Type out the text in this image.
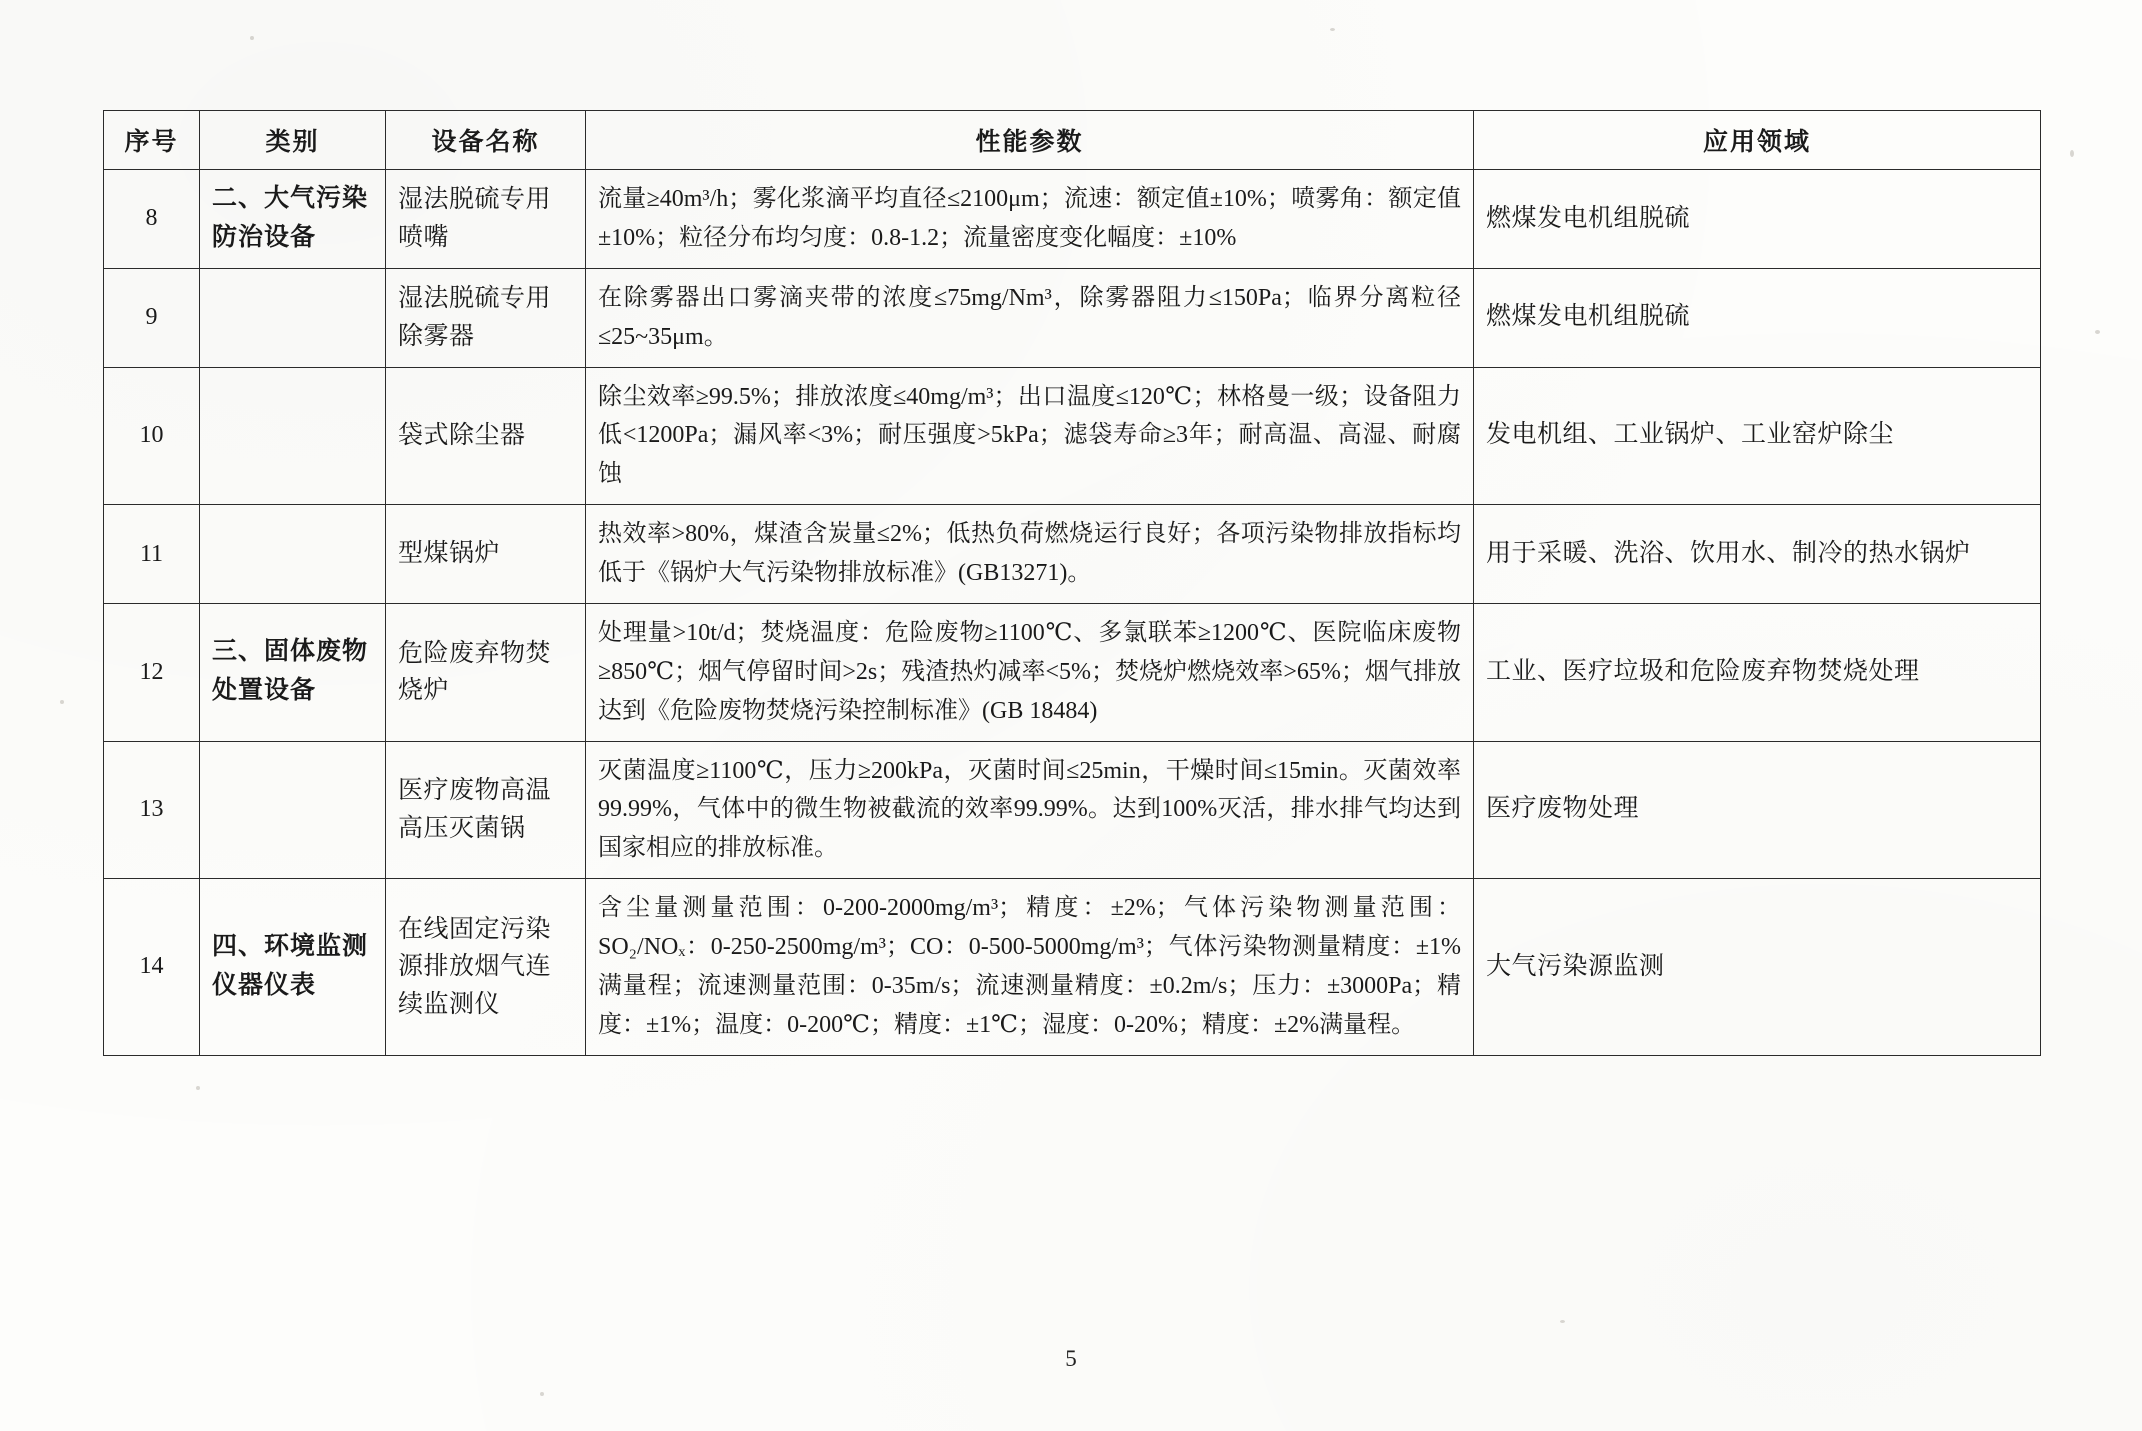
序号	类别	设备名称	性能参数	应用领域
8	二、大气污染防治设备	湿法脱硫专用喷嘴	流量≥40m³/h；雾化浆滴平均直径≤2100μm；流速：额定值±10%；喷雾角：额定值±10%；粒径分布均匀度：0.8-1.2；流量密度变化幅度：±10%	燃煤发电机组脱硫
9		湿法脱硫专用除雾器	在除雾器出口雾滴夹带的浓度≤75mg/Nm³，除雾器阻力≤150Pa；临界分离粒径≤25~35μm。	燃煤发电机组脱硫
10		袋式除尘器	除尘效率≥99.5%；排放浓度≤40mg/m³；出口温度≤120℃；林格曼一级；设备阻力低<1200Pa；漏风率<3%；耐压强度>5kPa；滤袋寿命≥3年；耐高温、高湿、耐腐蚀	发电机组、工业锅炉、工业窑炉除尘
11		型煤锅炉	热效率>80%，煤渣含炭量≤2%；低热负荷燃烧运行良好；各项污染物排放指标均低于《锅炉大气污染物排放标准》(GB13271)。	用于采暖、洗浴、饮用水、制冷的热水锅炉
12	三、固体废物处置设备	危险废弃物焚烧炉	处理量>10t/d；焚烧温度：危险废物≥1100℃、多氯联苯≥1200℃、医院临床废物≥850℃；烟气停留时间>2s；残渣热灼减率<5%；焚烧炉燃烧效率>65%；烟气排放达到《危险废物焚烧污染控制标准》(GB 18484)	工业、医疗垃圾和危险废弃物焚烧处理
13		医疗废物高温高压灭菌锅	灭菌温度≥1100℃，压力≥200kPa，灭菌时间≤25min，干燥时间≤15min。灭菌效率99.99%，气体中的微生物被截流的效率99.99%。达到100%灭活，排水排气均达到国家相应的排放标准。	医疗废物处理
14	四、环境监测仪器仪表	在线固定污染源排放烟气连续监测仪	含尘量测量范围：0-200-2000mg/m³；精度：±2%；气体污染物测量范围：SO₂/NOₓ：0-250-2500mg/m³；CO：0-500-5000mg/m³；气体污染物测量精度：±1%满量程；流速测量范围：0-35m/s；流速测量精度：±0.2m/s；压力：±3000Pa；精度：±1%；温度：0-200℃；精度：±1℃；湿度：0-20%；精度：±2%满量程。	大气污染源监测
5
